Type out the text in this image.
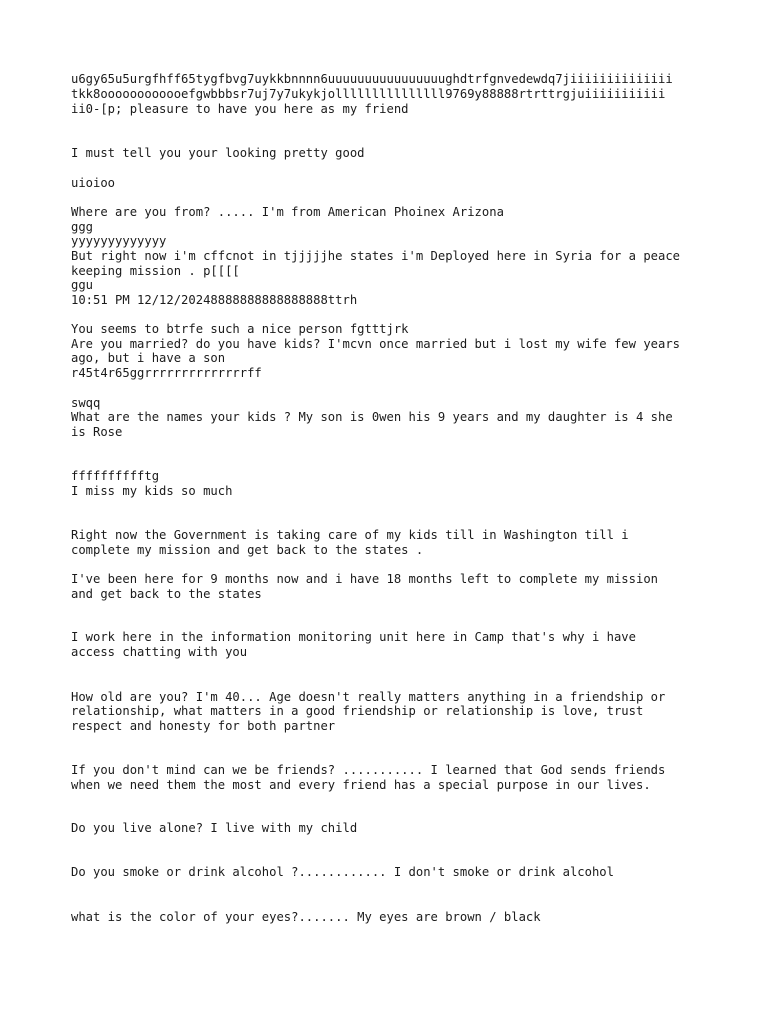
u6gy65u5urgfhff65tygfbvg7uykkbnnnn6uuuuuuuuuuuuuuuughdtrfgnvedewdq7jiiiiiiiiiiiiii

tkk8oooooooooooefgwbbbsr7uj7y7ukykjolllllllllllllll9769y88888rtrttrgjuiiiiiiiiiii

ii0-[p; pleasure to have you here as my friend

I must tell you your looking pretty good

uioioo

Where are you from? ..... I'm from American Phoinex Arizona

ggg

yyyyyyyyyyyyy

But right now i'm cffcnot in tjjjjjhe states i'm Deployed here in Syria for a peace

keeping mission . p[[[[

ggu

10:51 PM 12/12/20248888888888888888ttrh

You seems to btrfe such a nice person fgtttjrk

Are you married? do you have kids? I'mcvn once married but i lost my wife few years

ago, but i have a son

r45t4r65ggrrrrrrrrrrrrrrff

swqq

What are the names your kids ? My son is 0wen his 9 years and my daughter is 4 she

is Rose

fffffffffftg

I miss my kids so much

Right now the Government is taking care of my kids till in Washington till i

complete my mission and get back to the states .

I've been here for 9 months now and i have 18 months left to complete my mission

and get back to the states

I work here in the information monitoring unit here in Camp that's why i have

access chatting with you

How old are you? I'm 40... Age doesn't really matters anything in a friendship or

relationship, what matters in a good friendship or relationship is love, trust

respect and honesty for both partner

If you don't mind can we be friends? ........... I learned that God sends friends

when we need them the most and every friend has a special purpose in our lives.

Do you live alone? I live with my child

Do you smoke or drink alcohol ?............ I don't smoke or drink alcohol

what is the color of your eyes?....... My eyes are brown / black
